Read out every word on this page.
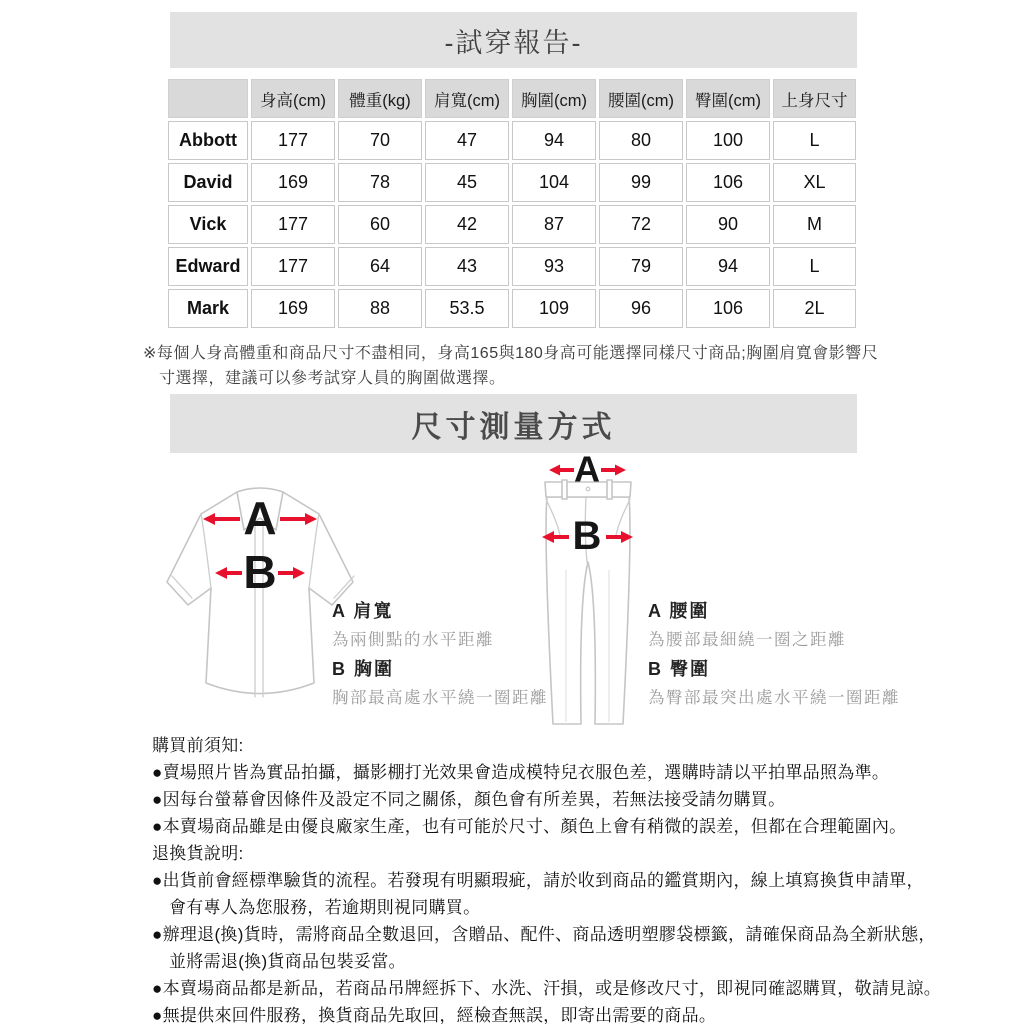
-試穿報告-
	身高(cm)	體重(kg)	肩寬(cm)	胸圍(cm)	腰圍(cm)	臀圍(cm)	上身尺寸
Abbott	177	70	47	94	80	100	L
David	169	78	45	104	99	106	XL
Vick	177	60	42	87	72	90	M
Edward	177	64	43	93	79	94	L
Mark	169	88	53.5	109	96	106	2L
※每個人身高體重和商品尺寸不盡相同，身高165與180身高可能選擇同樣尺寸商品;胸圍肩寬會影響尺
寸選擇，建議可以參考試穿人員的胸圍做選擇。
尺寸測量方式
A
B
A
B
A 肩寬
為兩側點的水平距離
B 胸圍
胸部最高處水平繞一圈距離
A 腰圍
為腰部最細繞一圈之距離
B 臀圍
為臀部最突出處水平繞一圈距離
購買前須知:
●賣場照片皆為實品拍攝，攝影棚打光效果會造成模特兒衣服色差，選購時請以平拍單品照為準。
●因每台螢幕會因條件及設定不同之關係，顏色會有所差異，若無法接受請勿購買。
●本賣場商品雖是由優良廠家生產，也有可能於尺寸、顏色上會有稍微的誤差，但都在合理範圍內。
退換貨說明:
●出貨前會經標準驗貨的流程。若發現有明顯瑕疵，請於收到商品的鑑賞期內，線上填寫換貨申請單，
會有專人為您服務，若逾期則視同購買。
●辦理退(換)貨時，需將商品全數退回，含贈品、配件、商品透明塑膠袋標籤，請確保商品為全新狀態，
並將需退(換)貨商品包裝妥當。
●本賣場商品都是新品，若商品吊牌經拆下、水洗、汗損，或是修改尺寸，即視同確認購買，敬請見諒。
●無提供來回件服務，換貨商品先取回，經檢查無誤，即寄出需要的商品。
